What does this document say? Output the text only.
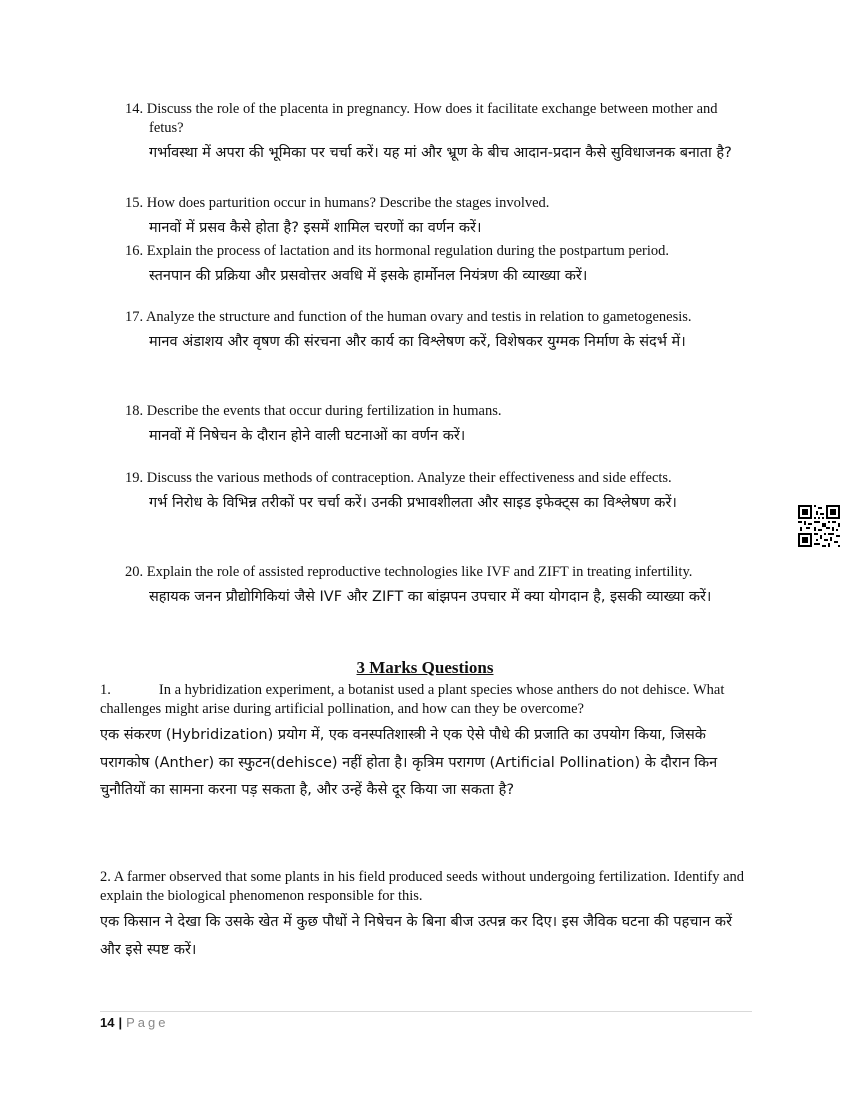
14. Discuss the role of the placenta in pregnancy. How does it facilitate exchange between mother and fetus?
गर्भावस्था में अपरा की भूमिका पर चर्चा करें। यह मां और भ्रूण के बीच आदान-प्रदान कैसे सुविधाजनक बनाता है?
15. How does parturition occur in humans? Describe the stages involved.
मानवों में प्रसव कैसे होता है? इसमें शामिल चरणों का वर्णन करें।
16. Explain the process of lactation and its hormonal regulation during the postpartum period.
स्तनपान की प्रक्रिया और प्रसवोत्तर अवधि में इसके हार्मोनल नियंत्रण की व्याख्या करें।
17. Analyze the structure and function of the human ovary and testis in relation to gametogenesis.
मानव अंडाशय और वृषण की संरचना और कार्य का विश्लेषण करें, विशेषकर युग्मक निर्माण के संदर्भ में।
18. Describe the events that occur during fertilization in humans.
मानवों में निषेचन के दौरान होने वाली घटनाओं का वर्णन करें।
19. Discuss the various methods of contraception. Analyze their effectiveness and side effects.
गर्भ निरोध के विभिन्न तरीकों पर चर्चा करें। उनकी प्रभावशीलता और साइड इफेक्ट्स का विश्लेषण करें।
20. Explain the role of assisted reproductive technologies like IVF and ZIFT in treating infertility.
सहायक जनन प्रौद्योगिकियां जैसे IVF और ZIFT का बांझपन उपचार में क्या योगदान है, इसकी व्याख्या करें।
3 Marks Questions
1.	In a hybridization experiment, a botanist used a plant species whose anthers do not dehisce. What challenges might arise during artificial pollination, and how can they be overcome?
एक संकरण (Hybridization) प्रयोग में, एक वनस्पतिशास्त्री ने एक ऐसे पौधे की प्रजाति का उपयोग किया, जिसके परागकोष (Anther) का स्फुटन(dehisce) नहीं होता है। कृत्रिम परागण (Artificial Pollination) के दौरान किन चुनौतियों का सामना करना पड़ सकता है, और उन्हें कैसे दूर किया जा सकता है?
2. A farmer observed that some plants in his field produced seeds without undergoing fertilization. Identify and explain the biological phenomenon responsible for this.
एक किसान ने देखा कि उसके खेत में कुछ पौधों ने निषेचन के बिना बीज उत्पन्न कर दिए। इस जैविक घटना की पहचान करें और इसे स्पष्ट करें।
14 | Page
